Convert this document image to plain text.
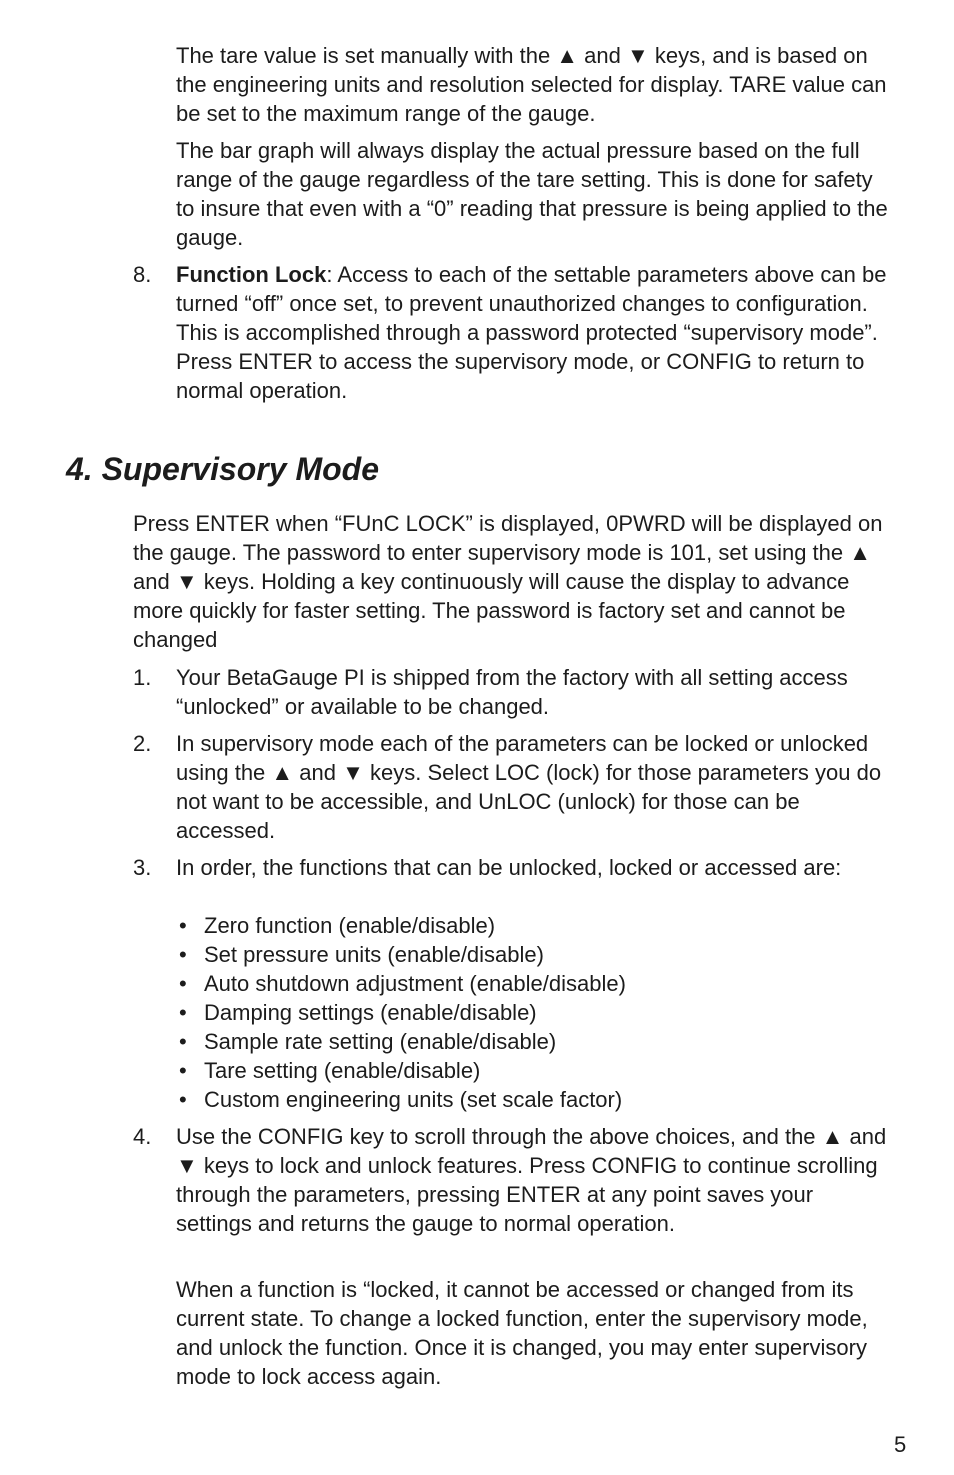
The tare value is set manually with the ▲ and ▼ keys, and is based on the engineering units and resolution selected for display. TARE value can be set to the maximum range of the gauge.

The bar graph will always display the actual pressure based on the full range of the gauge regardless of the tare setting. This is done for safety to insure that even with a “0” reading that pressure is being applied to the gauge.

8. Function Lock: Access to each of the settable parameters above can be turned “off” once set, to prevent unauthorized changes to configuration. This is accomplished through a password protected “supervisory mode”. Press ENTER to access the supervisory mode, or CONFIG to return to normal operation.
4. Supervisory Mode

Press ENTER when “FUnC LOCK” is displayed, 0PWRD will be displayed on the gauge. The password to enter supervisory mode is 101, set using the ▲ and ▼ keys. Holding a key continuously will cause the display to advance more quickly for faster setting. The password is factory set and cannot be changed

1. Your BetaGauge PI is shipped from the factory with all setting access “unlocked” or available to be changed.
2. In supervisory mode each of the parameters can be locked or unlocked using the ▲ and ▼ keys. Select LOC (lock) for those parameters you do not want to be accessible, and UnLOC (unlock) for those can be accessed.
3. In order, the functions that can be unlocked, locked or accessed are:
• Zero function (enable/disable)
• Set pressure units (enable/disable)
• Auto shutdown adjustment (enable/disable)
• Damping settings (enable/disable)
• Sample rate setting (enable/disable)
• Tare setting (enable/disable)
• Custom engineering units (set scale factor)
4. Use the CONFIG key to scroll through the above choices, and the ▲ and ▼ keys to lock and unlock features. Press CONFIG to continue scrolling through the parameters, pressing ENTER at any point saves your settings and returns the gauge to normal operation.

When a function is “locked, it cannot be accessed or changed from its current state. To change a locked function, enter the supervisory mode, and unlock the function. Once it is changed, you may enter supervisory mode to lock access again.

5
